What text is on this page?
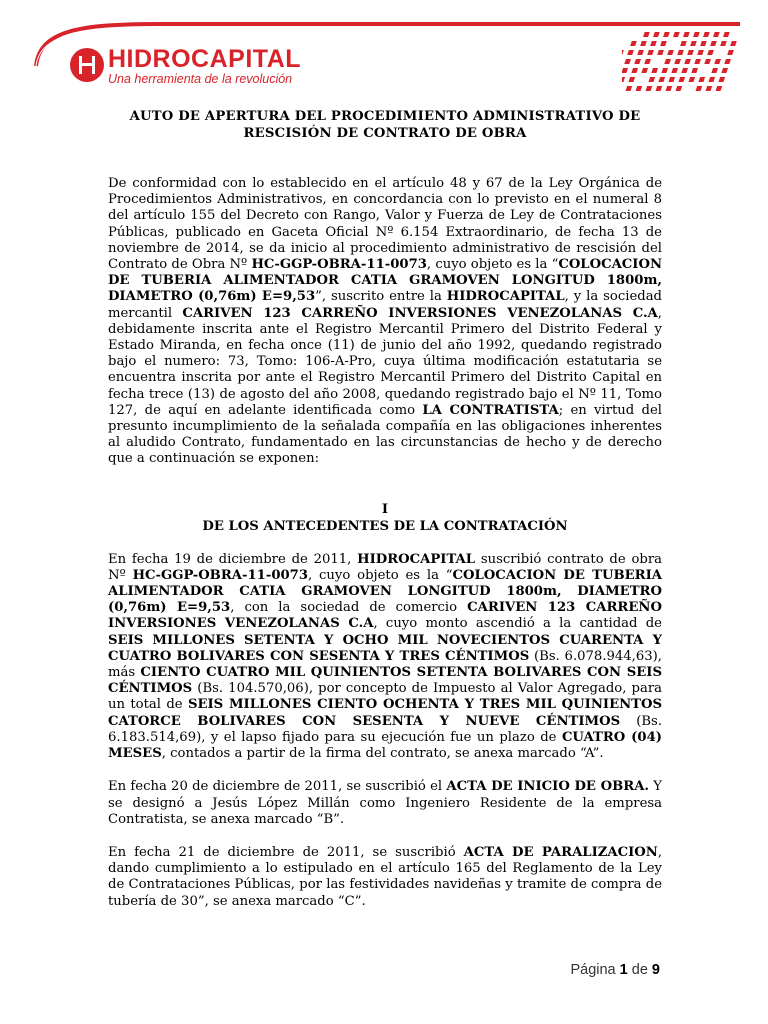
HIDROCAPITAL
Una herramienta de la revolución
AUTO DE APERTURA DEL PROCEDIMIENTO ADMINISTRATIVO DE
RESCISIÓN DE CONTRATO DE OBRA

De conformidad con lo establecido en el artículo 48 y 67 de la Ley Orgánica de Procedimientos Administrativos, en concordancia con lo previsto en el numeral 8 del artículo 155 del Decreto con Rango, Valor y Fuerza de Ley de Contrataciones Públicas, publicado en Gaceta Oficial Nº 6.154 Extraordinario, de fecha 13 de noviembre de 2014, se da inicio al procedimiento administrativo de rescisión del Contrato de Obra Nº HC-GGP-OBRA-11-0073, cuyo objeto es la “COLOCACION DE TUBERIA ALIMENTADOR CATIA GRAMOVEN LONGITUD 1800m, DIAMETRO (0,76m) E=9,53”, suscrito entre la HIDROCAPITAL, y la sociedad mercantil CARIVEN 123 CARREÑO INVERSIONES VENEZOLANAS C.A, debidamente inscrita ante el Registro Mercantil Primero del Distrito Federal y Estado Miranda, en fecha once (11) de junio del año 1992, quedando registrado bajo el numero: 73, Tomo: 106-A-Pro, cuya última modificación estatutaria se encuentra inscrita por ante el Registro Mercantil Primero del Distrito Capital en fecha trece (13) de agosto del año 2008, quedando registrado bajo el Nº 11, Tomo 127, de aquí en adelante identificada como LA CONTRATISTA; en virtud del presunto incumplimiento de la señalada compañía en las obligaciones inherentes al aludido Contrato, fundamentado en las circunstancias de hecho y de derecho que a continuación se exponen:

I
DE LOS ANTECEDENTES DE LA CONTRATACIÓN

En fecha 19 de diciembre de 2011, HIDROCAPITAL suscribió contrato de obra Nº HC-GGP-OBRA-11-0073, cuyo objeto es la “COLOCACION DE TUBERIA ALIMENTADOR CATIA GRAMOVEN LONGITUD 1800m, DIAMETRO (0,76m) E=9,53, con la sociedad de comercio CARIVEN 123 CARREÑO INVERSIONES VENEZOLANAS C.A, cuyo monto ascendió a la cantidad de SEIS MILLONES SETENTA Y OCHO MIL NOVECIENTOS CUARENTA Y CUATRO BOLIVARES CON SESENTA Y TRES CÉNTIMOS (Bs. 6.078.944,63), más CIENTO CUATRO MIL QUINIENTOS SETENTA BOLIVARES CON SEIS CÉNTIMOS (Bs. 104.570,06), por concepto de Impuesto al Valor Agregado, para un total de SEIS MILLONES CIENTO OCHENTA Y TRES MIL QUINIENTOS CATORCE BOLIVARES CON SESENTA Y NUEVE CÉNTIMOS (Bs. 6.183.514,69), y el lapso fijado para su ejecución fue un plazo de CUATRO (04) MESES, contados a partir de la firma del contrato, se anexa marcado “A”.

En fecha 20 de diciembre de 2011, se suscribió el ACTA DE INICIO DE OBRA. Y se designó a Jesús López Millán como Ingeniero Residente de la empresa Contratista, se anexa marcado “B”.

En fecha 21 de diciembre de 2011, se suscribió ACTA DE PARALIZACION, dando cumplimiento a lo estipulado en el artículo 165 del Reglamento de la Ley de Contrataciones Públicas, por las festividades navideñas y tramite de compra de tubería de 30”, se anexa marcado “C”.

Página 1 de 9
